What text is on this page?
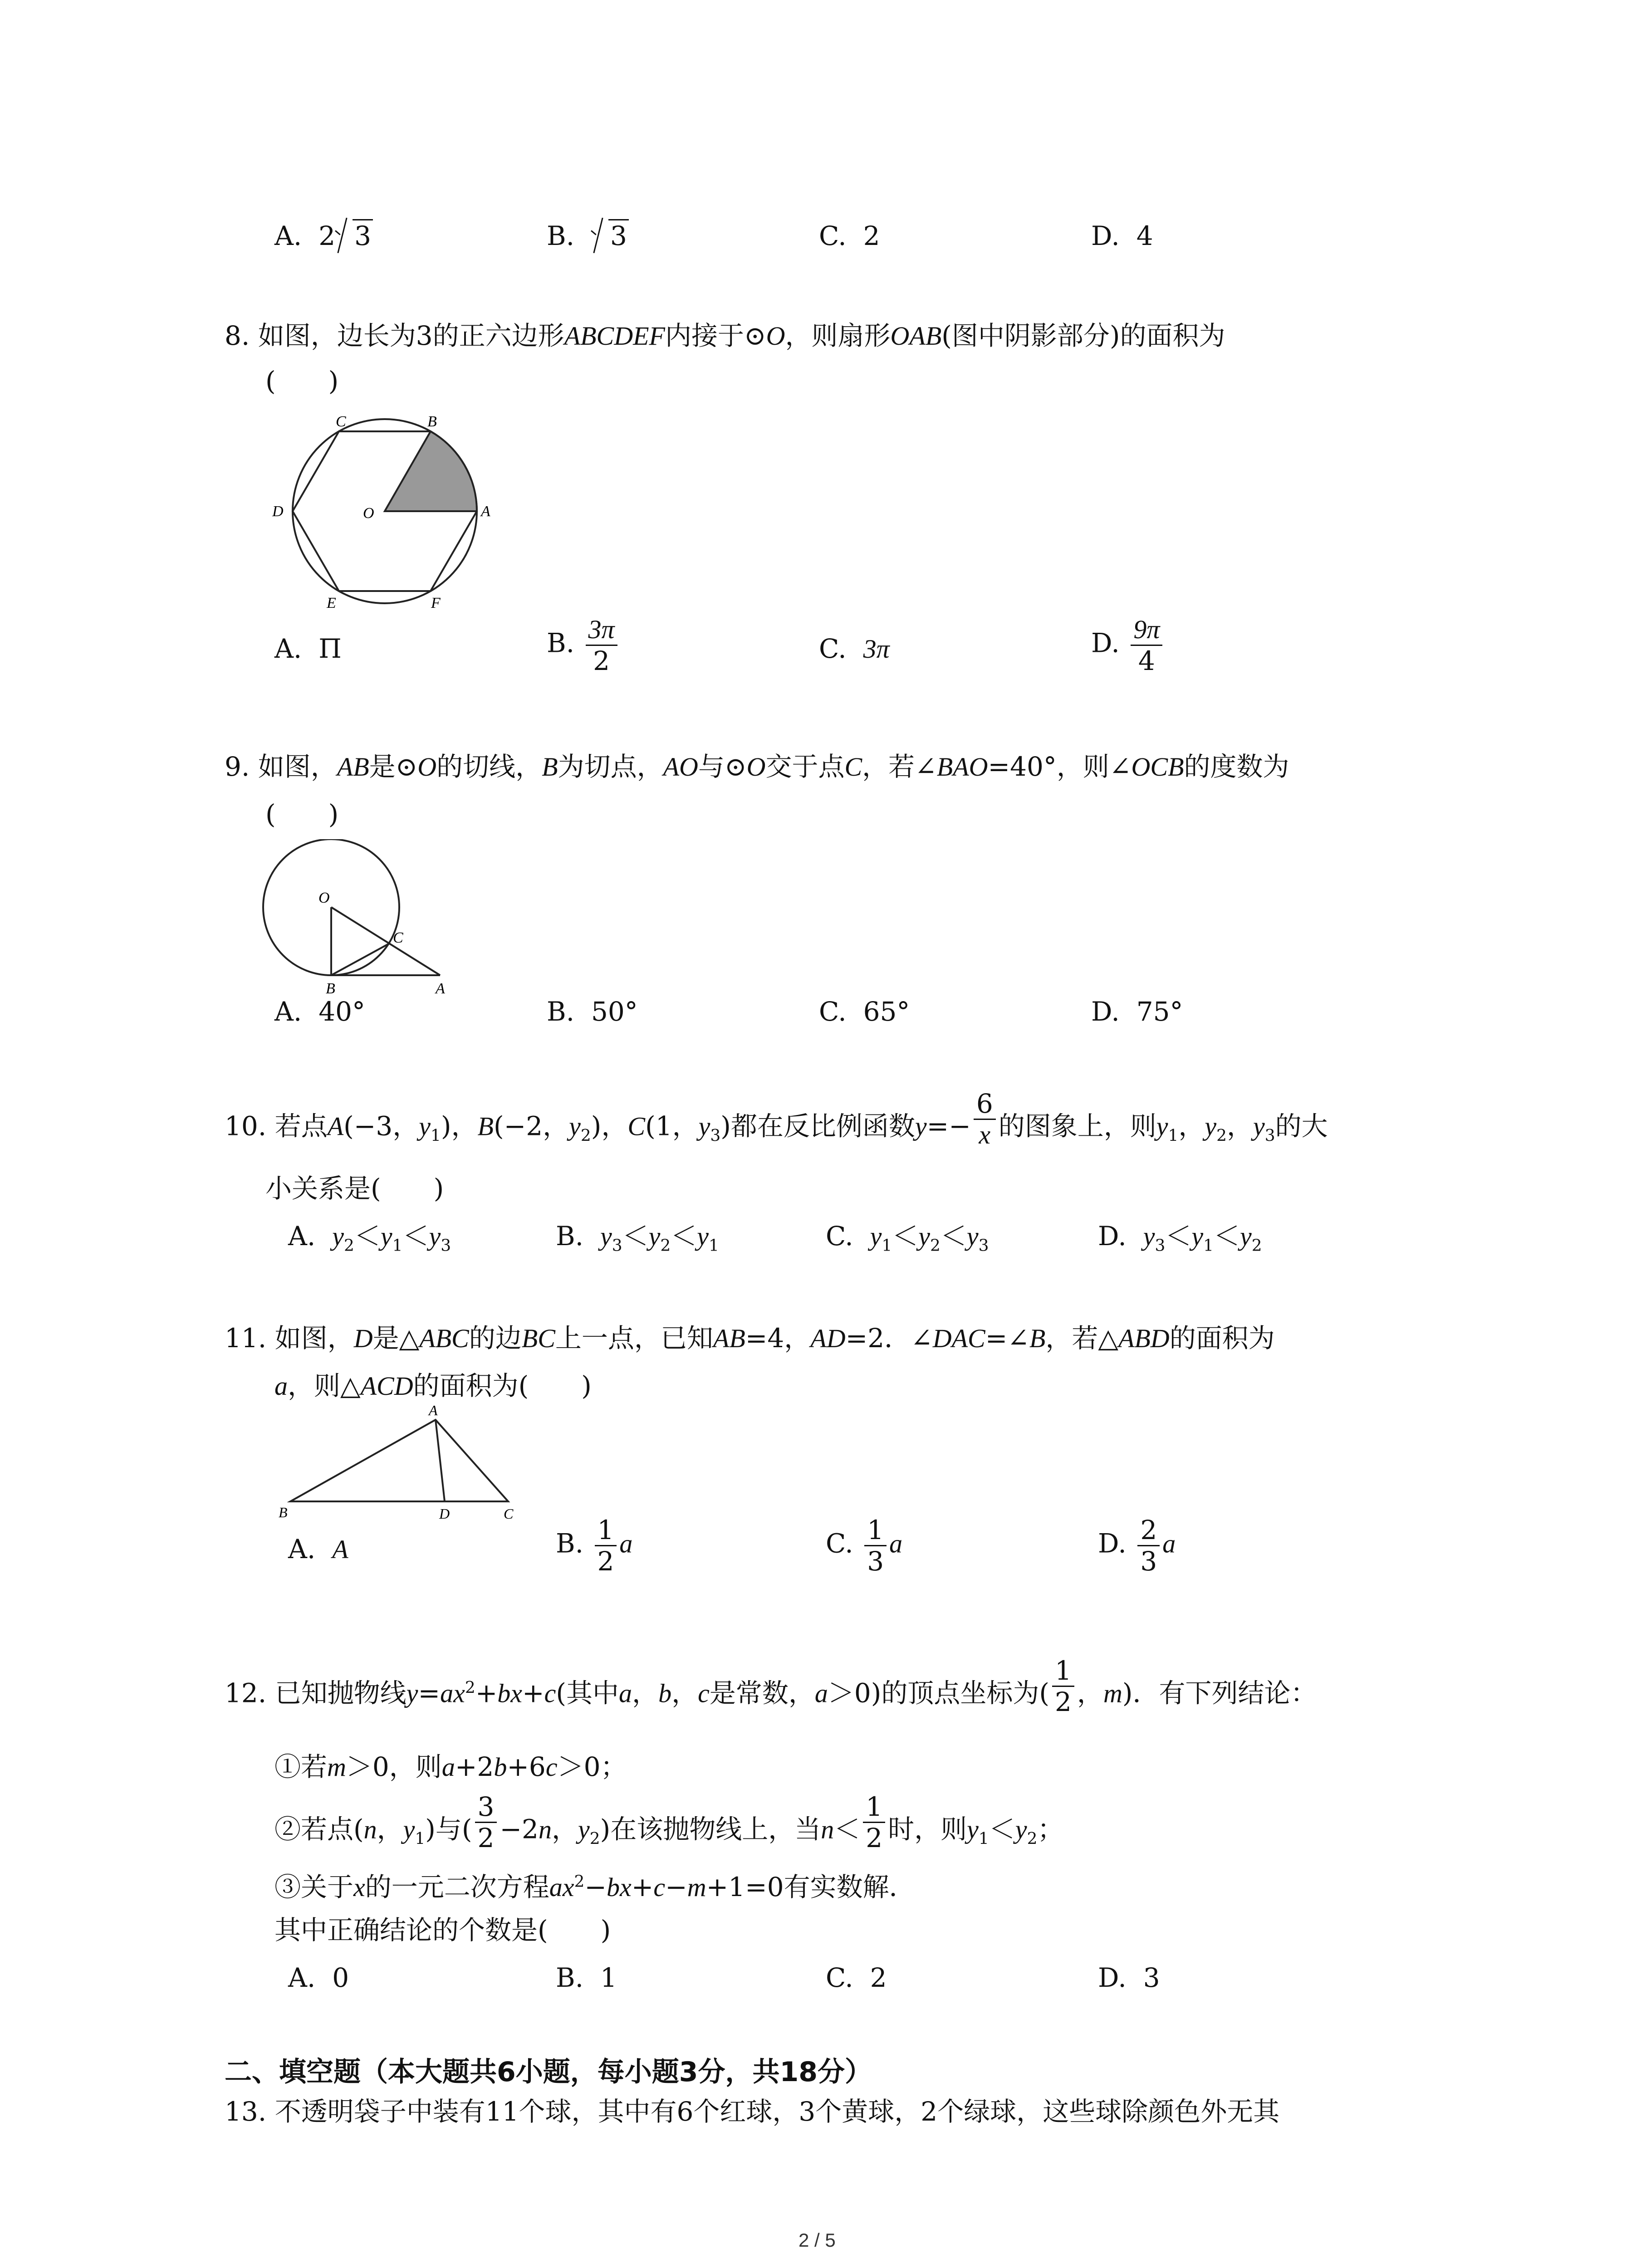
A. 2 3	B. 3	C. 2	D. 4
8. 如图，边长为3的正六边形ABCDEF内接于⊙O，则扇形OAB(图中阴影部分)的面积为
(　　)
C	B
D	O	A
E	F
A. Π	B. $\frac{3\pi}{2}$	C. 3π	D. $\frac{9\pi}{4}$
9. 如图，AB是⊙O的切线，B为切点，AO与⊙O交于点C，若∠BAO=40°，则∠OCB的度数为
(　　)
O
C
B	A
A. 40°	B. 50°	C. 65°	D. 75°
10. 若点A(−3，$y_1$)，B(−2，$y_2$)，C(1，$y_3$)都在反比例函数$y=- \frac{6}{x}$ 的图象上，则$y_1$，$y_2$，$y_3$的大
小关系是(　　)
A. $y_2<y_1<y_3$	B. $y_3<y_2<y_1$	C. $y_1<y_2<y_3$	D. $y_3<y_1<y_2$
11. 如图，D是△ABC的边BC上一点，已知AB=4，AD=2．∠DAC=∠B，若△ABD的面积为
a，则△ACD的面积为(　　)
A
B	D	C
A. A	B. $\frac{1}{2}$ a	C. $\frac{1}{3}$ a	D. $\frac{2}{3}$ a
12. 已知抛物线$y=ax^2+bx+c$(其中a，b，c是常数，a＞0)的顶点坐标为( $\frac{1}{2}$ ，m)．有下列结论：
①若m＞0，则a+2b+6c＞0；
②若点(n，$y_1$)与( $\frac{3}{2} -2n$，$y_2$)在该抛物线上，当$n< \frac{1}{2}$ 时，则$y_1<y_2$；
③关于x的一元二次方程$ax^2-bx+c-m+1=0$有实数解．
其中正确结论的个数是(　　)
A. 0	B. 1	C. 2	D. 3
二、填空题（本大题共6小题，每小题3分，共18分）
13. 不透明袋子中装有11个球，其中有6个红球，3个黄球，2个绿球，这些球除颜色外无其
2 / 5
